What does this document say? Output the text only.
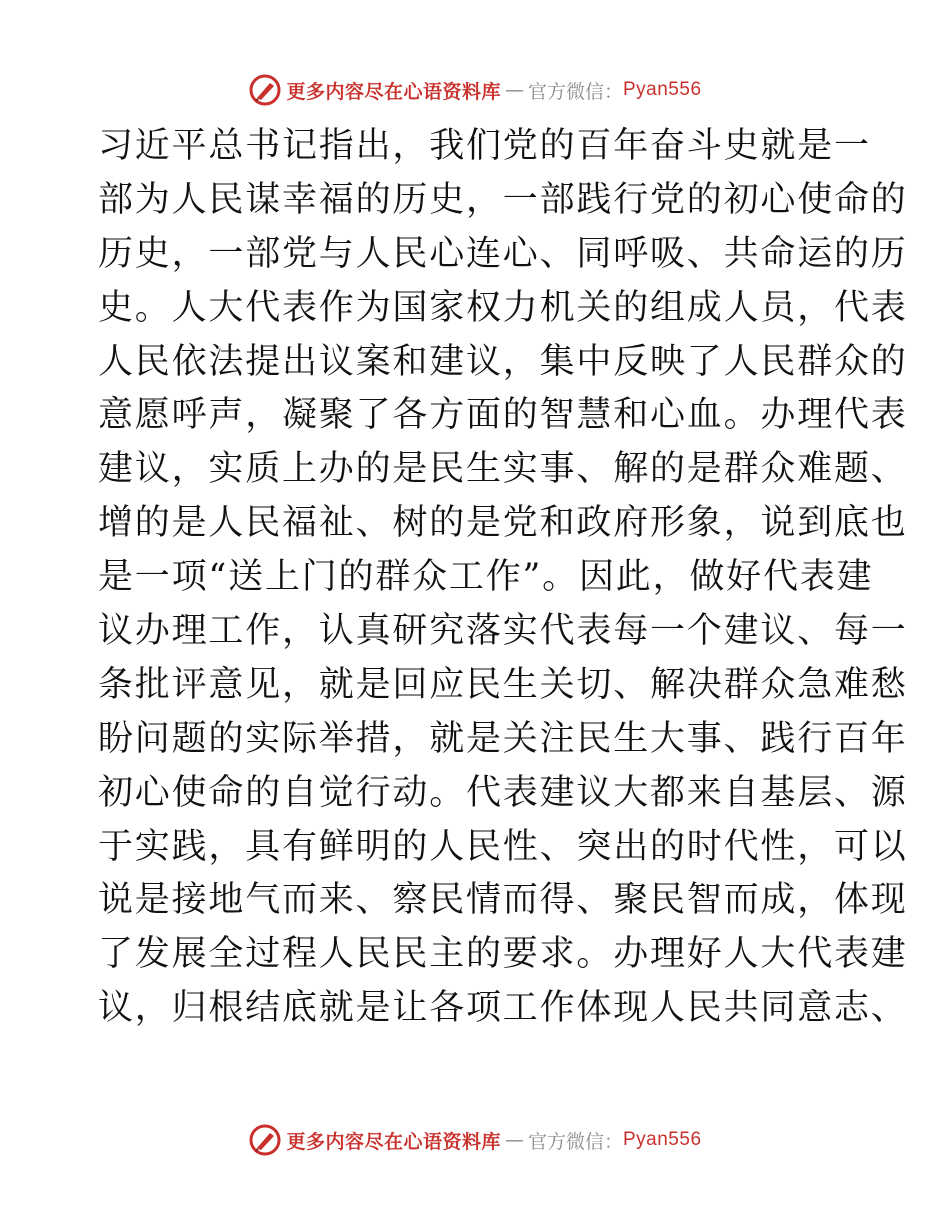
更多内容尽在心语资料库 — 官方微信： Pyan556
习近平总书记指出，我们党的百年奋斗史就是一
部为人民谋幸福的历史，一部践行党的初心使命的
历史，一部党与人民心连心、同呼吸、共命运的历
史。人大代表作为国家权力机关的组成人员，代表
人民依法提出议案和建议，集中反映了人民群众的
意愿呼声，凝聚了各方面的智慧和心血。办理代表
建议，实质上办的是民生实事、解的是群众难题、
增的是人民福祉、树的是党和政府形象，说到底也
是一项“送上门的群众工作”。因此，做好代表建
议办理工作，认真研究落实代表每一个建议、每一
条批评意见，就是回应民生关切、解决群众急难愁
盼问题的实际举措，就是关注民生大事、践行百年
初心使命的自觉行动。代表建议大都来自基层、源
于实践，具有鲜明的人民性、突出的时代性，可以
说是接地气而来、察民情而得、聚民智而成，体现
了发展全过程人民民主的要求。办理好人大代表建
议，归根结底就是让各项工作体现人民共同意志、
更多内容尽在心语资料库 — 官方微信： Pyan556
